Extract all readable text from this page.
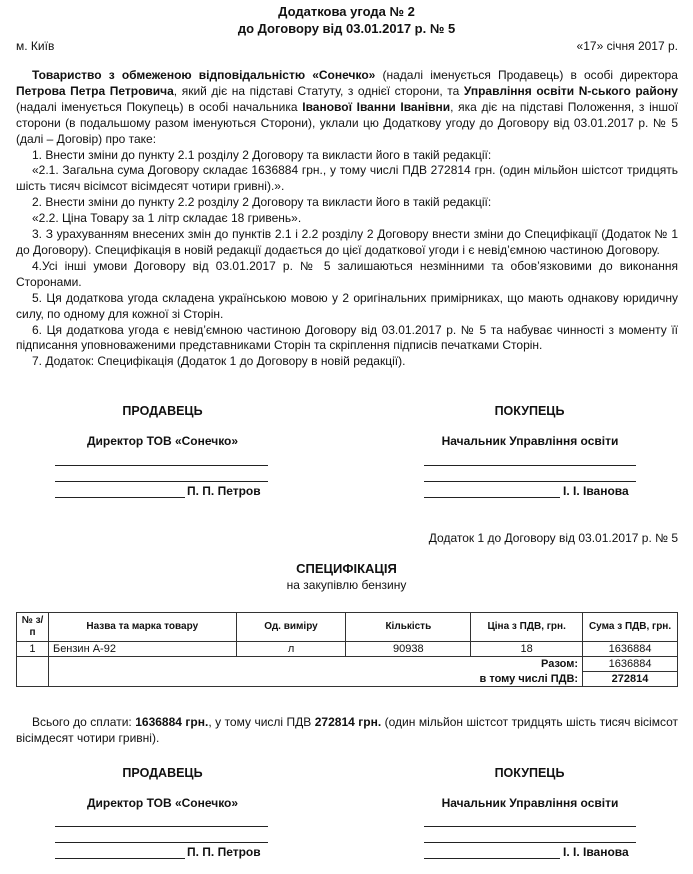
Додаткова угода № 2
до Договору від 03.01.2017 р. № 5
м. Київ	«17» січня 2017 р.

Товариство з обмеженою відповідальністю «Сонечко» (надалі іменується Продавець) в особі директора Петрова Петра Петровича, який діє на підставі Статуту, з однієї сторони, та Управління освіти N-ського району (надалі іменується Покупець) в особі начальника Іванової Іванни Іванівни, яка діє на підставі Положення, з іншої сторони (в подальшому разом іменуються Сторони), уклали цю Додаткову угоду до Договору від 03.01.2017 р. № 5 (далі – Договір) про таке:

1. Внести зміни до пункту 2.1 розділу 2 Договору та викласти його в такій редакції:

«2.1. Загальна сума Договору складає 1636884 грн., у тому числі ПДВ 272814 грн. (один мільйон шістсот тридцять шість тисяч вісімсот вісімдесят чотири гривні).».

2. Внести зміни до пункту 2.2 розділу 2 Договору та викласти його в такій редакції:

«2.2. Ціна Товару за 1 літр складає 18 гривень».

3. З урахуванням внесених змін до пунктів 2.1 і 2.2 розділу 2 Договору внести зміни до Специфікації (Додаток № 1 до Договору). Специфікація в новій редакції додається до цієї додаткової угоди і є невід’ємною частиною Договору.

4.Усі інші умови Договору від 03.01.2017 р. № 5 залишаються незмінними та обов’язковими до виконання Сторонами.

5. Ця додаткова угода складена українською мовою у 2 оригінальних примірниках, що мають однакову юридичну силу, по одному для кожної зі Сторін.

6. Ця додаткова угода є невід’ємною частиною Договору від 03.01.2017 р. № 5 та набуває чинності з моменту її підписання уповноваженими представниками Сторін та скріплення підписів печатками Сторін.

7. Додаток: Специфікація (Додаток 1 до Договору в новій редакції).

ПРОДАВЕЦЬ	ПОКУПЕЦЬ
Директор ТОВ «Сонечко»	Начальник Управління освіти
П. П. Петров	І. І. Іванова
Додаток 1 до Договору від 03.01.2017 р. № 5
СПЕЦИФІКАЦІЯ
на закупівлю бензину
№ з/п	Назва та марка товару	Од. виміру	Кількість	Ціна з ПДВ, грн.	Сума з ПДВ, грн.
1	Бензин А-92	л	90938	18	1636884
	Разом:				1636884
	в тому числі ПДВ:				272814

Всього до сплати: 1636884 грн., у тому числі ПДВ 272814 грн. (один мільйон шістсот тридцять шість тисяч вісімсот вісімдесят чотири гривні).

ПРОДАВЕЦЬ	ПОКУПЕЦЬ
Директор ТОВ «Сонечко»	Начальник Управління освіти
П. П. Петров	І. І. Іванова
